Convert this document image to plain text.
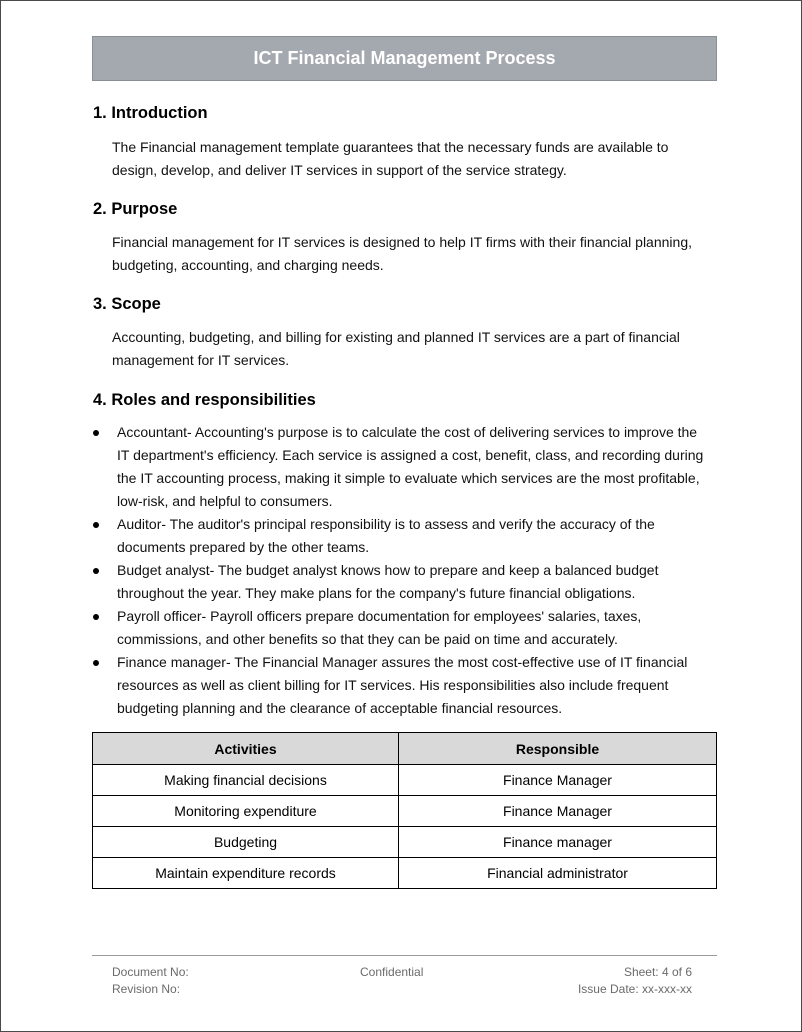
ICT Financial Management Process
1. Introduction

The Financial management template guarantees that the necessary funds are available to design, develop, and deliver IT services in support of the service strategy.

2. Purpose

Financial management for IT services is designed to help IT firms with their financial planning, budgeting, accounting, and charging needs.

3. Scope

Accounting, budgeting, and billing for existing and planned IT services are a part of financial management for IT services.

4. Roles and responsibilities
Accountant- Accounting's purpose is to calculate the cost of delivering services to improve the IT department's efficiency. Each service is assigned a cost, benefit, class, and recording during the IT accounting process, making it simple to evaluate which services are the most profitable, low-risk, and helpful to consumers.
Auditor- The auditor's principal responsibility is to assess and verify the accuracy of the documents prepared by the other teams.
Budget analyst- The budget analyst knows how to prepare and keep a balanced budget throughout the year. They make plans for the company's future financial obligations.
Payroll officer- Payroll officers prepare documentation for employees' salaries, taxes, commissions, and other benefits so that they can be paid on time and accurately.
Finance manager- The Financial Manager assures the most cost-effective use of IT financial resources as well as client billing for IT services. His responsibilities also include frequent budgeting planning and the clearance of acceptable financial resources.
Activities	Responsible
Making financial decisions	Finance Manager
Monitoring expenditure	Finance Manager
Budgeting	Finance manager
Maintain expenditure records	Financial administrator
Document No:
Revision No:
Confidential	Sheet: 4 of 6
Issue Date: xx-xxx-xx
